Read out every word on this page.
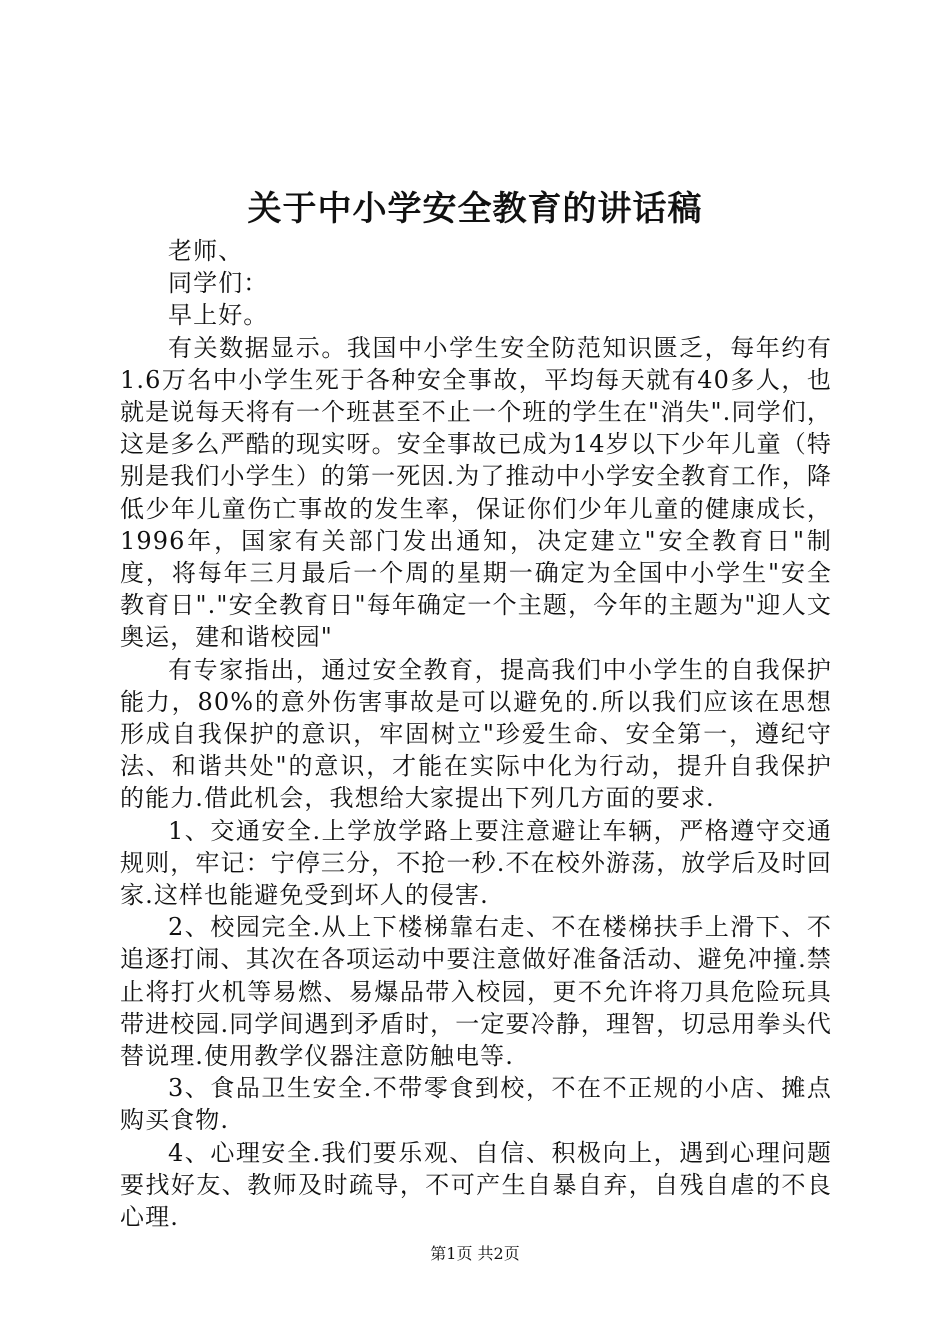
关于中小学安全教育的讲话稿

老师、

同学们：

早上好。

有关数据显示。我国中小学生安全防范知识匮乏，每年约有1.6万名中小学生死于各种安全事故，平均每天就有40多人，也就是说每天将有一个班甚至不止一个班的学生在"消失".同学们，这是多么严酷的现实呀。安全事故已成为14岁以下少年儿童（特别是我们小学生）的第一死因.为了推动中小学安全教育工作，降低少年儿童伤亡事故的发生率，保证你们少年儿童的健康成长，1996年，国家有关部门发出通知，决定建立"安全教育日"制度，将每年三月最后一个周的星期一确定为全国中小学生"安全教育日"."安全教育日"每年确定一个主题，今年的主题为"迎人文奥运，建和谐校园"

有专家指出，通过安全教育，提高我们中小学生的自我保护能力，80%的意外伤害事故是可以避免的.所以我们应该在思想形成自我保护的意识，牢固树立"珍爱生命、安全第一，遵纪守法、和谐共处"的意识，才能在实际中化为行动，提升自我保护的能力.借此机会，我想给大家提出下列几方面的要求.

1、交通安全.上学放学路上要注意避让车辆，严格遵守交通规则，牢记：宁停三分，不抢一秒.不在校外游荡，放学后及时回家.这样也能避免受到坏人的侵害.

2、校园完全.从上下楼梯靠右走、不在楼梯扶手上滑下、不追逐打闹、其次在各项运动中要注意做好准备活动、避免冲撞.禁止将打火机等易燃、易爆品带入校园，更不允许将刀具危险玩具带进校园.同学间遇到矛盾时，一定要冷静，理智，切忌用拳头代替说理.使用教学仪器注意防触电等.

3、食品卫生安全.不带零食到校，不在不正规的小店、摊点购买食物.

4、心理安全.我们要乐观、自信、积极向上，遇到心理问题要找好友、教师及时疏导，不可产生自暴自弃，自残自虐的不良心理.

第1页 共2页
